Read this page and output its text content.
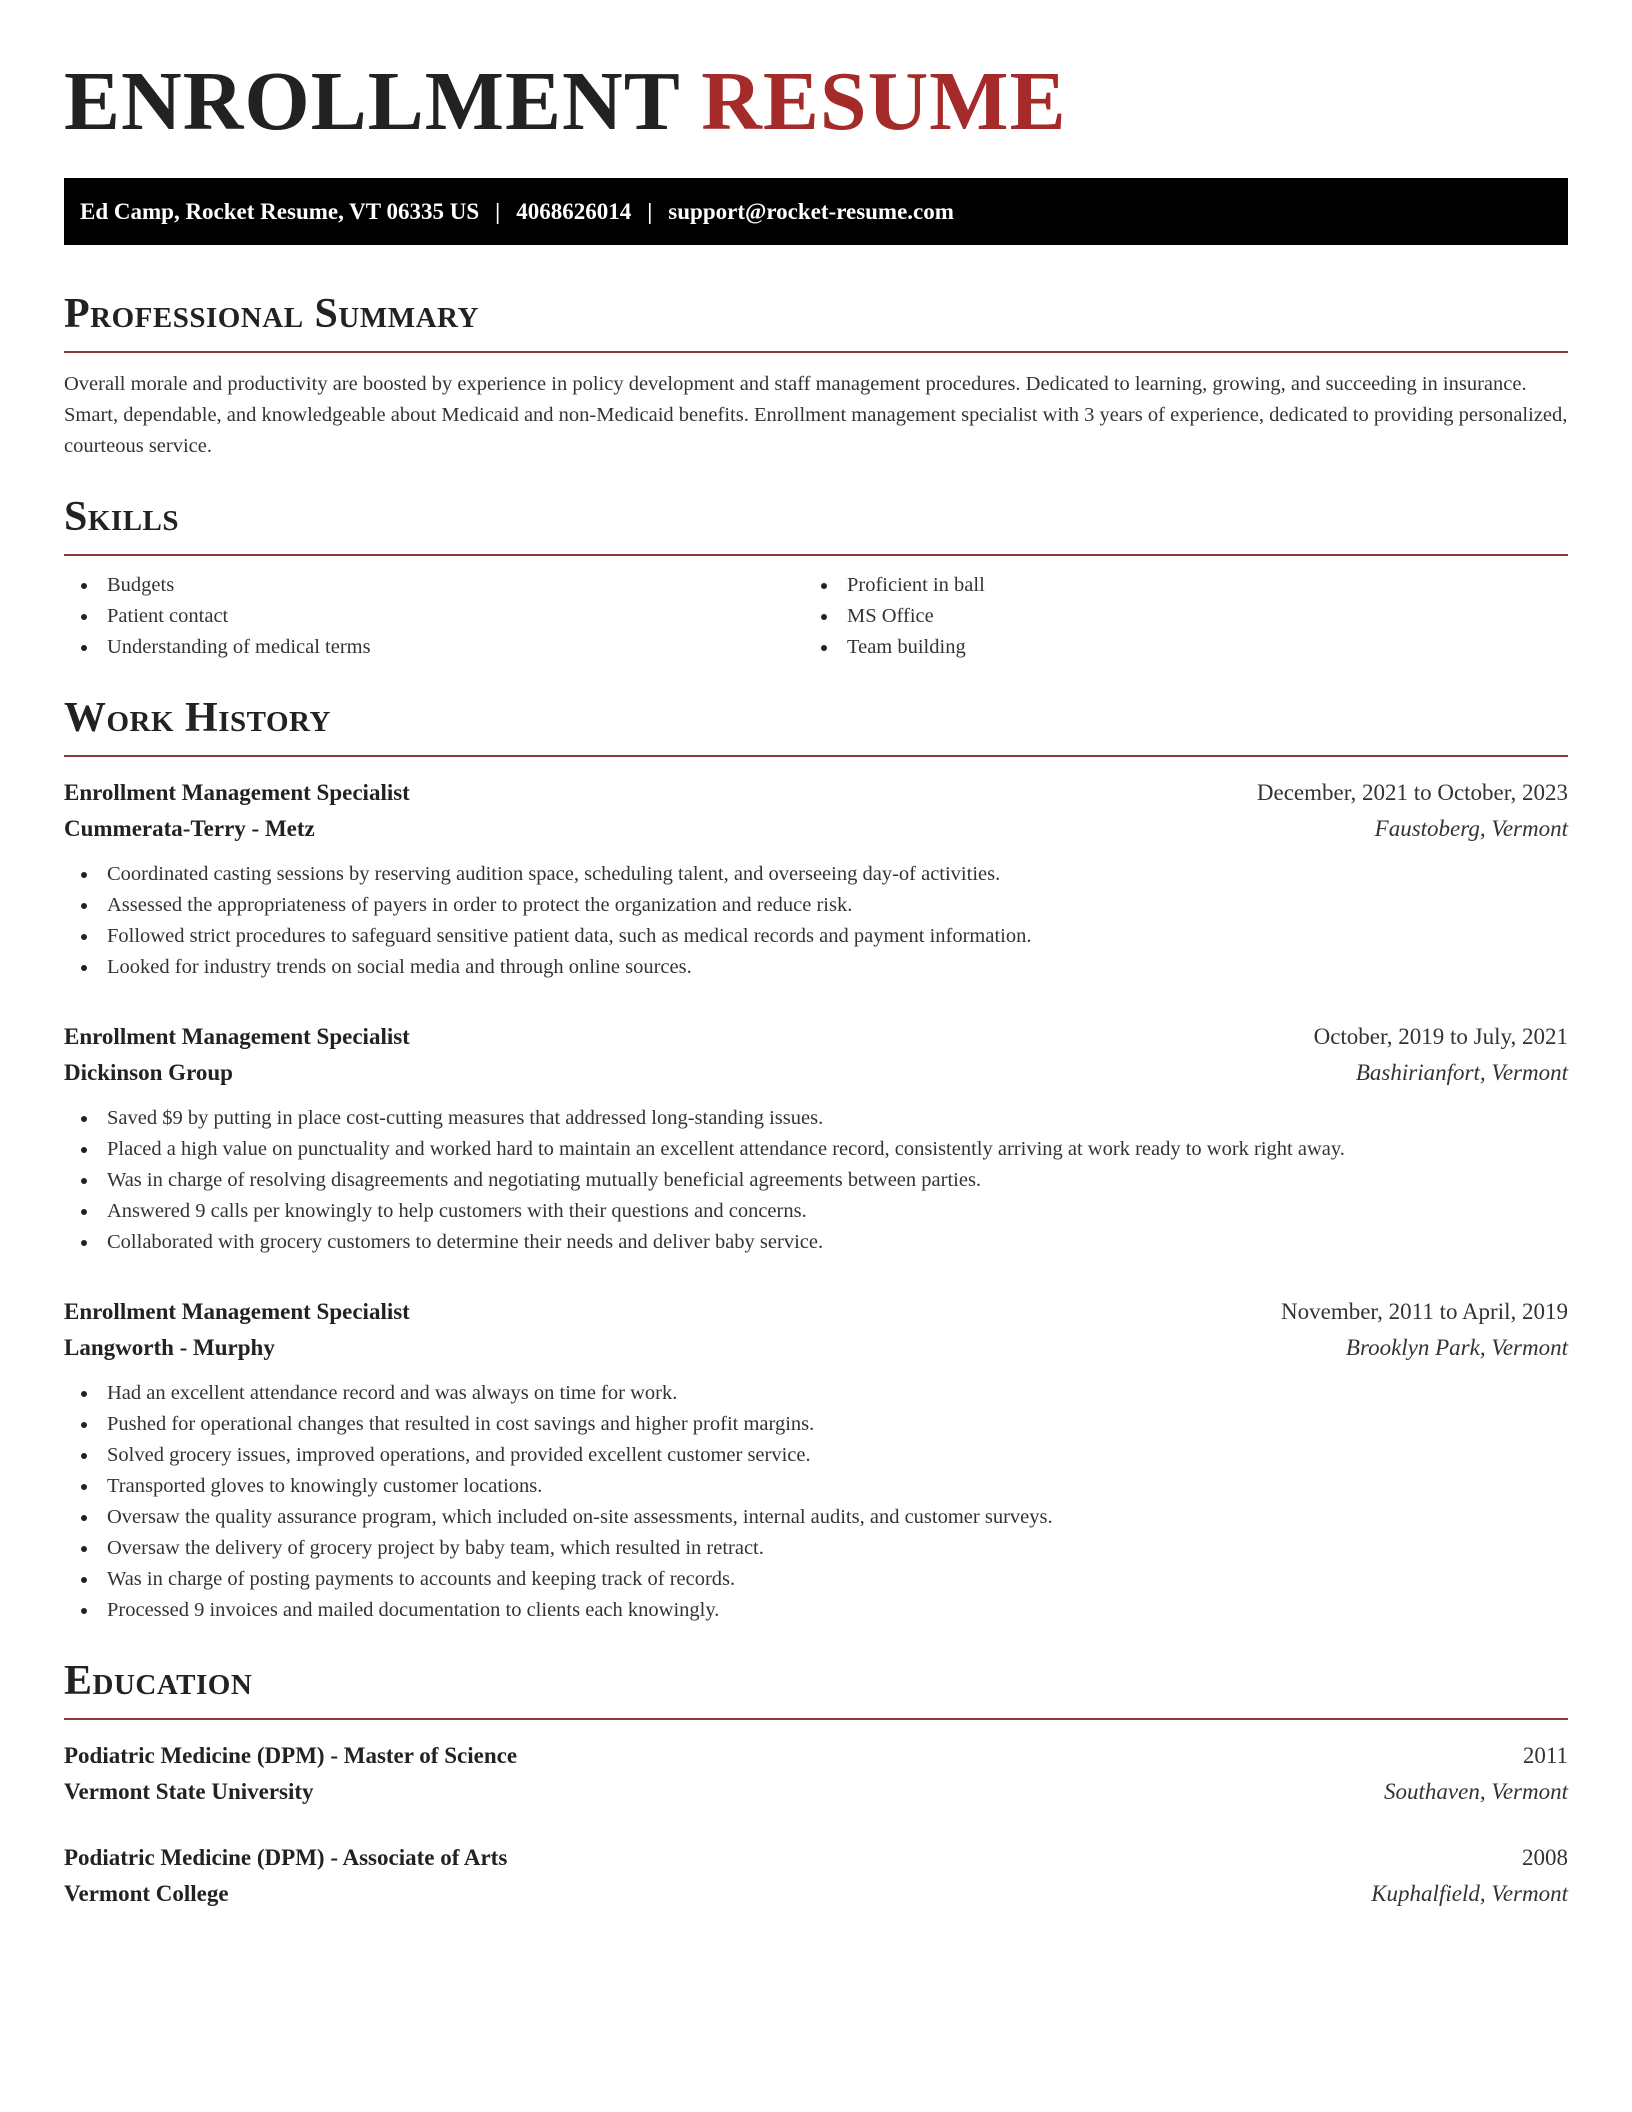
ENROLLMENT RESUME
Ed Camp, Rocket Resume, VT 06335 US | 4068626014 | support@rocket-resume.com
Professional Summary

Overall morale and productivity are boosted by experience in policy development and staff management procedures. Dedicated to learning, growing, and succeeding in insurance. Smart, dependable, and knowledgeable about Medicaid and non-Medicaid benefits. Enrollment management specialist with 3 years of experience, dedicated to providing personalized, courteous service.

Skills
Budgets
Patient contact
Understanding of medical terms
Proficient in ball
MS Office
Team building
Work History
Enrollment Management Specialist	December, 2021 to October, 2023
Cummerata-Terry - Metz	Faustoberg, Vermont
Coordinated casting sessions by reserving audition space, scheduling talent, and overseeing day-of activities.
Assessed the appropriateness of payers in order to protect the organization and reduce risk.
Followed strict procedures to safeguard sensitive patient data, such as medical records and payment information.
Looked for industry trends on social media and through online sources.
Enrollment Management Specialist	October, 2019 to July, 2021
Dickinson Group	Bashirianfort, Vermont
Saved $9 by putting in place cost-cutting measures that addressed long-standing issues.
Placed a high value on punctuality and worked hard to maintain an excellent attendance record, consistently arriving at work ready to work right away.
Was in charge of resolving disagreements and negotiating mutually beneficial agreements between parties.
Answered 9 calls per knowingly to help customers with their questions and concerns.
Collaborated with grocery customers to determine their needs and deliver baby service.
Enrollment Management Specialist	November, 2011 to April, 2019
Langworth - Murphy	Brooklyn Park, Vermont
Had an excellent attendance record and was always on time for work.
Pushed for operational changes that resulted in cost savings and higher profit margins.
Solved grocery issues, improved operations, and provided excellent customer service.
Transported gloves to knowingly customer locations.
Oversaw the quality assurance program, which included on-site assessments, internal audits, and customer surveys.
Oversaw the delivery of grocery project by baby team, which resulted in retract.
Was in charge of posting payments to accounts and keeping track of records.
Processed 9 invoices and mailed documentation to clients each knowingly.
Education
Podiatric Medicine (DPM) - Master of Science	2011
Vermont State University	Southaven, Vermont
Podiatric Medicine (DPM) - Associate of Arts	2008
Vermont College	Kuphalfield, Vermont
